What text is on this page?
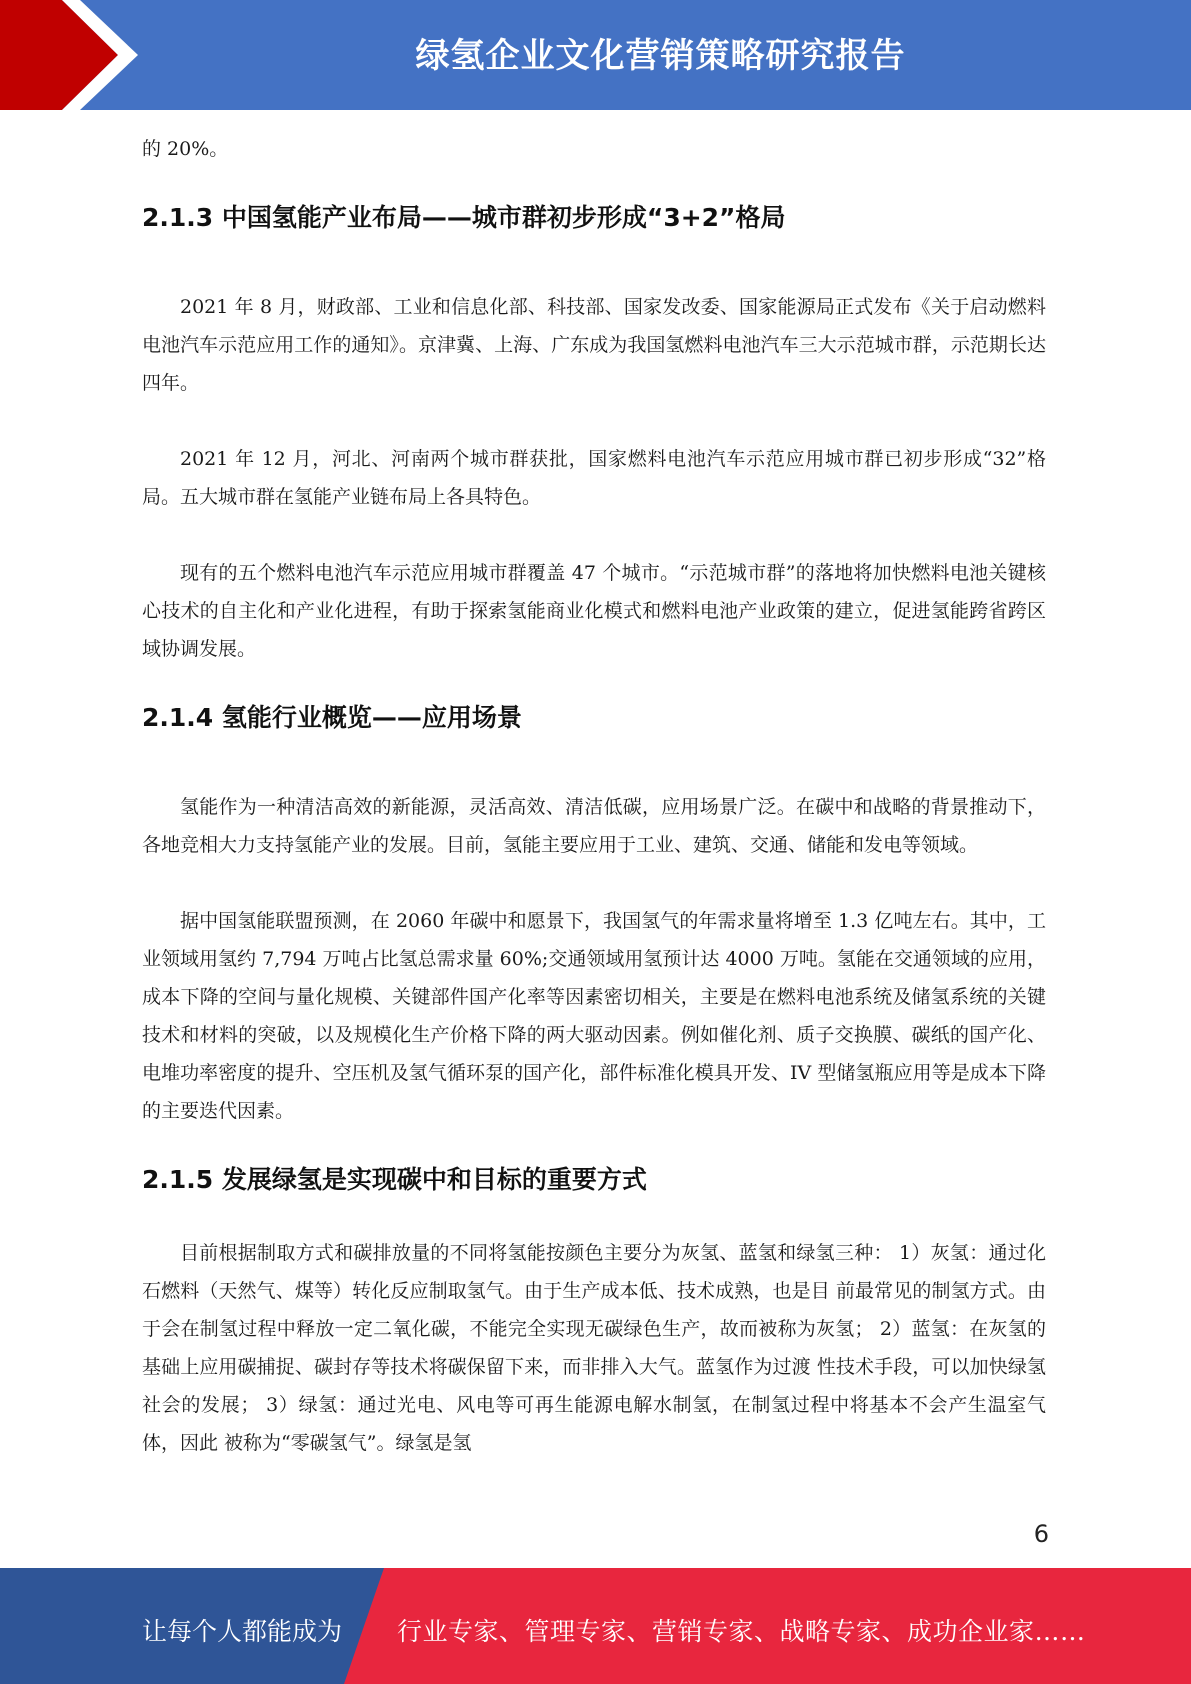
绿氢企业文化营销策略研究报告

的 20%。

2.1.3 中国氢能产业布局——城市群初步形成“3+2”格局

2021 年 8 月，财政部、工业和信息化部、科技部、国家发改委、国家能源局正式发布《关于启动燃料电池汽车示范应用工作的通知》。京津冀、上海、广东成为我国氢燃料电池汽车三大示范城市群，示范期长达四年。

2021 年 12 月，河北、河南两个城市群获批，国家燃料电池汽车示范应用城市群已初步形成“32”格局。五大城市群在氢能产业链布局上各具特色。

现有的五个燃料电池汽车示范应用城市群覆盖 47 个城市。“示范城市群”的落地将加快燃料电池关键核心技术的自主化和产业化进程，有助于探索氢能商业化模式和燃料电池产业政策的建立，促进氢能跨省跨区域协调发展。

2.1.4 氢能行业概览——应用场景

氢能作为一种清洁高效的新能源，灵活高效、清洁低碳，应用场景广泛。在碳中和战略的背景推动下，各地竞相大力支持氢能产业的发展。目前，氢能主要应用于工业、建筑、交通、储能和发电等领域。

据中国氢能联盟预测，在 2060 年碳中和愿景下，我国氢气的年需求量将增至 1.3 亿吨左右。其中，工业领域用氢约 7,794 万吨占比氢总需求量 60%;交通领域用氢预计达 4000 万吨。氢能在交通领域的应用，成本下降的空间与量化规模、关键部件国产化率等因素密切相关，主要是在燃料电池系统及储氢系统的关键技术和材料的突破，以及规模化生产价格下降的两大驱动因素。例如催化剂、质子交换膜、碳纸的国产化、电堆功率密度的提升、空压机及氢气循环泵的国产化，部件标准化模具开发、IV 型储氢瓶应用等是成本下降的主要迭代因素。

2.1.5 发展绿氢是实现碳中和目标的重要方式

目前根据制取方式和碳排放量的不同将氢能按颜色主要分为灰氢、蓝氢和绿氢三种： 1）灰氢：通过化石燃料（天然气、煤等）转化反应制取氢气。由于生产成本低、技术成熟，也是目 前最常见的制氢方式。由于会在制氢过程中释放一定二氧化碳，不能完全实现无碳绿色生产，故而被称为灰氢； 2）蓝氢：在灰氢的基础上应用碳捕捉、碳封存等技术将碳保留下来，而非排入大气。蓝氢作为过渡 性技术手段，可以加快绿氢社会的发展； 3）绿氢：通过光电、风电等可再生能源电解水制氢，在制氢过程中将基本不会产生温室气体，因此 被称为“零碳氢气”。绿氢是氢

6
让每个人都能成为 行业专家、管理专家、营销专家、战略专家、成功企业家……
